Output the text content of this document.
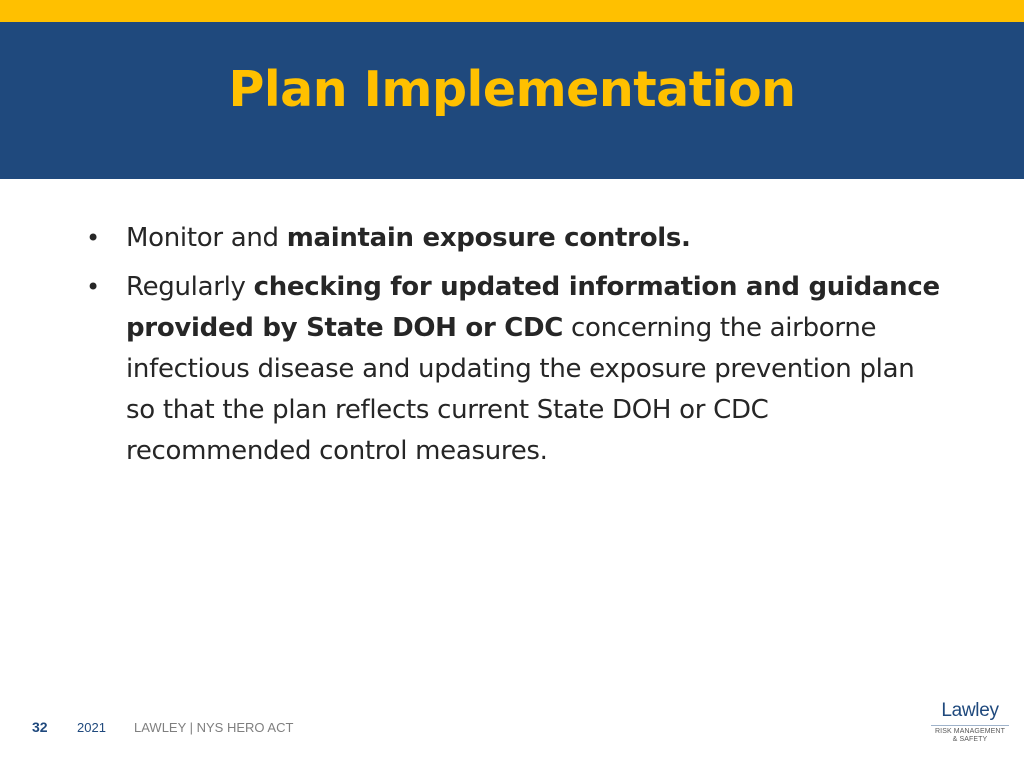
Plan Implementation
• Monitor and maintain exposure controls.
• Regularly checking for updated information and guidance provided by State DOH or CDC concerning the airborne infectious disease and updating the exposure prevention plan so that the plan reflects current State DOH or CDC recommended control measures.
32 2021 LAWLEY | NYS HERO ACT
Lawley
RISK MANAGEMENT
& SAFETY
